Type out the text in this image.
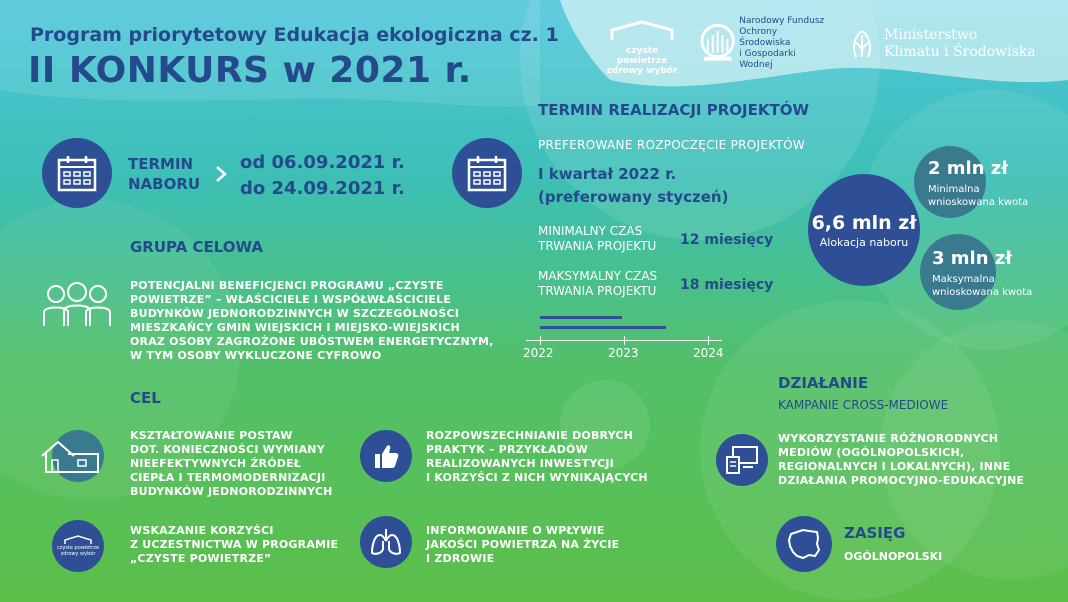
Program priorytetowy Edukacja ekologiczna cz. 1
II KONKURS w 2021 r.	czyste powietrze
zdrowy wybór
Narodowy Fundusz
Ochrony Środowiska
i Gospodarki Wodnej
Ministerstwo
Klimatu i Środowiska
TERMIN
NABORU
od 06.09.2021 r.
do 24.09.2021 r.
TERMIN REALIZACJI PROJEKTÓW
PREFEROWANE ROZPOCZĘCIE PROJEKTÓW
I kwartał 2022 r.
(preferowany styczeń)
MINIMALNY CZAS
TRWANIA PROJEKTU 12 miesięcy
MAKSYMALNY CZAS
TRWANIA PROJEKTU 18 miesięcy
2022	2023	2024
6,6 mln zł
Alokacja naboru
2 mln zł
Minimalna
wnioskowana kwota
3 mln zł
Maksymalna
wnioskowana kwota
GRUPA CELOWA
POTENCJALNI BENEFICJENCI PROGRAMU „CZYSTE
POWIETRZE” – WŁAŚCICIELE I WSPÓŁWŁAŚCICIELE
BUDYNKÓW JEDNORODZINNYCH W SZCZEGÓLNOŚCI
MIESZKAŃCY GMIN WIEJSKICH I MIEJSKO-WIEJSKICH
ORAZ OSOBY ZAGROŻONE UBÓSTWEM ENERGETYCZNYM,
W TYM OSOBY WYKLUCZONE CYFROWO
CEL
KSZTAŁTOWANIE POSTAW
DOT. KONIECZNOŚCI WYMIANY
NIEEFEKTYWNYCH ŹRÓDEŁ
CIEPŁA I TERMOMODERNIZACJI
BUDYNKÓW JEDNORODZINNYCH
ROZPOWSZECHNIANIE DOBRYCH
PRAKTYK – PRZYKŁADÓW
REALIZOWANYCH INWESTYCJI
I KORZYŚCI Z NICH WYNIKAJĄCYCH
czyste powietrze
zdrowy wybór
WSKAZANIE KORZYŚCI
Z UCZESTNICTWA W PROGRAMIE
„CZYSTE POWIETRZE”
INFORMOWANIE O WPŁYWIE
JAKOŚCI POWIETRZA NA ŻYCIE
I ZDROWIE
DZIAŁANIE
KAMPANIE CROSS-MEDIOWE
WYKORZYSTANIE RÓŻNORODNYCH
MEDIÓW (OGÓLNOPOLSKICH,
REGIONALNYCH I LOKALNYCH), INNE
DZIAŁANIA PROMOCYJNO-EDUKACYJNE
ZASIĘG
OGÓLNOPOLSKI
